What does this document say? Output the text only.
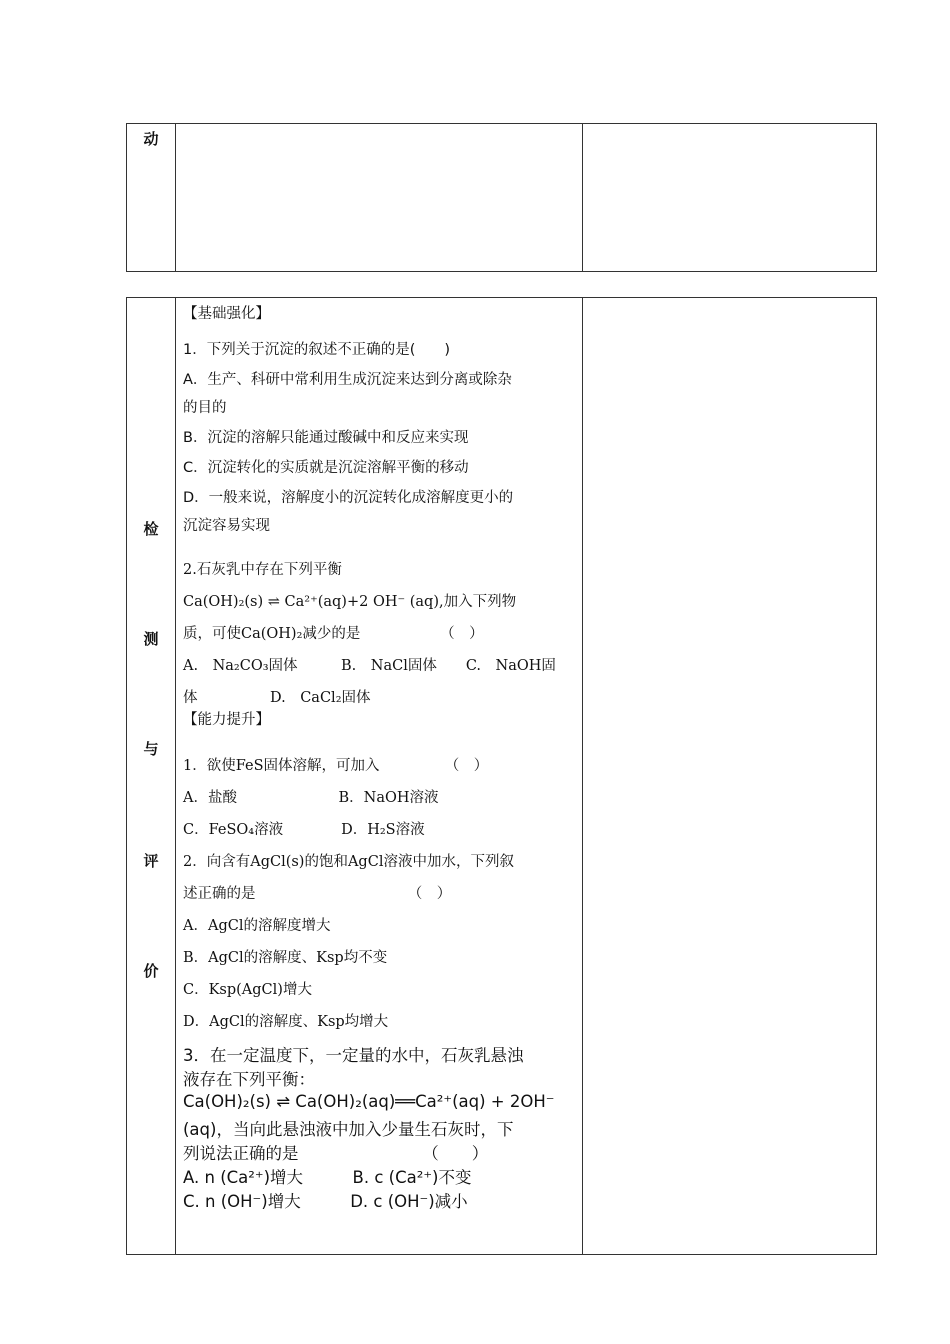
动
检
测
与
评
价
【基础强化】
1．下列关于沉淀的叙述不正确的是(　　)
A．生产、科研中常利用生成沉淀来达到分离或除杂
的目的
B．沉淀的溶解只能通过酸碱中和反应来实现
C．沉淀转化的实质就是沉淀溶解平衡的移动
D．一般来说，溶解度小的沉淀转化成溶解度更小的
沉淀容易实现
2.石灰乳中存在下列平衡
Ca(OH)₂(s) ⇌ Ca²⁺(aq)+2 OH⁻ (aq),加入下列物
质，可使Ca(OH)₂减少的是　　　　　　（　）
A.　Na₂CO₃固体　　　B.　NaCl固体　　C.　NaOH固
体　　　　　D.　CaCl₂固体
【能力提升】
1．欲使FeS固体溶解，可加入　　　　　（　）
A．盐酸　　　　　　　B．NaOH溶液
C．FeSO₄溶液　　　　D．H₂S溶液
2．向含有AgCl(s)的饱和AgCl溶液中加水，下列叙
述正确的是　　　　　　　　　　　（　）
A．AgCl的溶解度增大
B．AgCl的溶解度、Ksp均不变
C．Ksp(AgCl)增大
D．AgCl的溶解度、Ksp均增大
3．在一定温度下，一定量的水中，石灰乳悬浊
液存在下列平衡：
Ca(OH)₂(s) ⇌ Ca(OH)₂(aq)══Ca²⁺(aq) + 2OH⁻
(aq)，当向此悬浊液中加入少量生石灰时，下
列说法正确的是　　　　　　　　（　　）
A. n (Ca²⁺)增大　　　B. c (Ca²⁺)不变
C. n (OH⁻)增大　　　D. c (OH⁻)减小
